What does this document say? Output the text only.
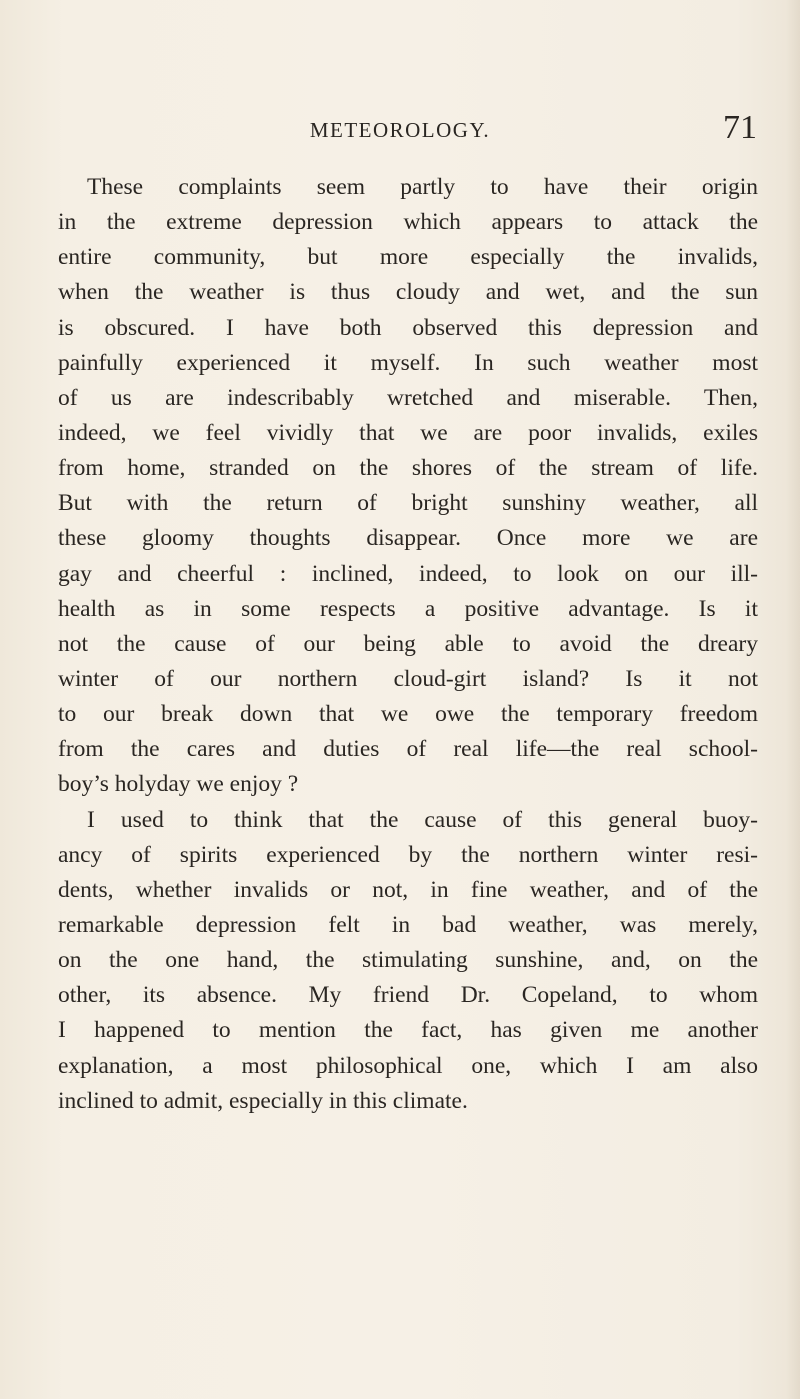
METEOROLOGY.	71
These complaints seem partly to have their origin
in the extreme depression which appears to attack the
entire community, but more especially the invalids,
when the weather is thus cloudy and wet, and the sun
is obscured. I have both observed this depression and
painfully experienced it myself. In such weather most
of us are indescribably wretched and miserable. Then,
indeed, we feel vividly that we are poor invalids, exiles
from home, stranded on the shores of the stream of life.
But with the return of bright sunshiny weather, all
these gloomy thoughts disappear. Once more we are
gay and cheerful : inclined, indeed, to look on our ill-
health as in some respects a positive advantage. Is it
not the cause of our being able to avoid the dreary
winter of our northern cloud-girt island? Is it not
to our break down that we owe the temporary freedom
from the cares and duties of real life—the real school-
boy’s holyday we enjoy ?
I used to think that the cause of this general buoy-
ancy of spirits experienced by the northern winter resi-
dents, whether invalids or not, in fine weather, and of the
remarkable depression felt in bad weather, was merely,
on the one hand, the stimulating sunshine, and, on the
other, its absence. My friend Dr. Copeland, to whom
I happened to mention the fact, has given me another
explanation, a most philosophical one, which I am also
inclined to admit, especially in this climate.
